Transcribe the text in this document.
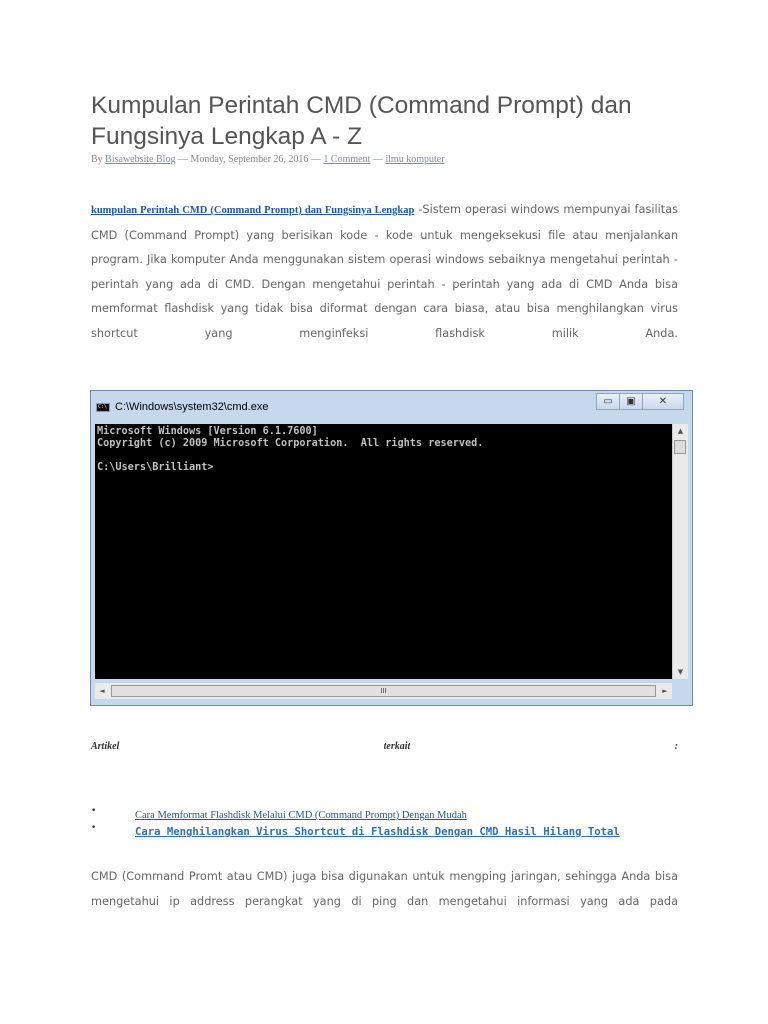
Kumpulan Perintah CMD (Command Prompt) dan Fungsinya Lengkap A - Z
By Bisawebsite Blog — Monday, September 26, 2016 — 1 Comment — ilmu komputer

kumpulan Perintah CMD (Command Prompt) dan Fungsinya Lengkap -Sistem operasi windows mempunyai fasilitas CMD (Command Prompt) yang berisikan kode - kode untuk mengeksekusi file atau menjalankan program. Jika komputer Anda menggunakan sistem operasi windows sebaiknya mengetahui perintah - perintah yang ada di CMD. Dengan mengetahui perintah - perintah yang ada di CMD Anda bisa memformat flashdisk yang tidak bisa diformat dengan cara biasa, atau bisa menghilangkan virus shortcut yang menginfeksi flashdisk milik Anda.

C:\ C:\Windows\system32\cmd.exe	▭	▣	✕
Microsoft Windows [Version 6.1.7600]
Copyright (c) 2009 Microsoft Corporation.  All rights reserved.

C:\Users\Brilliant>
▲
▼
◄	III	►
Artikel	terkait	:
•	Cara Memformat Flashdisk Melalui CMD (Command Prompt) Dengan Mudah
•	Cara Menghilangkan Virus Shortcut di Flashdisk Dengan CMD Hasil Hilang Total

CMD (Command Promt atau CMD) juga bisa digunakan untuk mengping jaringan, sehingga Anda bisa mengetahui ip address perangkat yang di ping dan mengetahui informasi yang ada pada
